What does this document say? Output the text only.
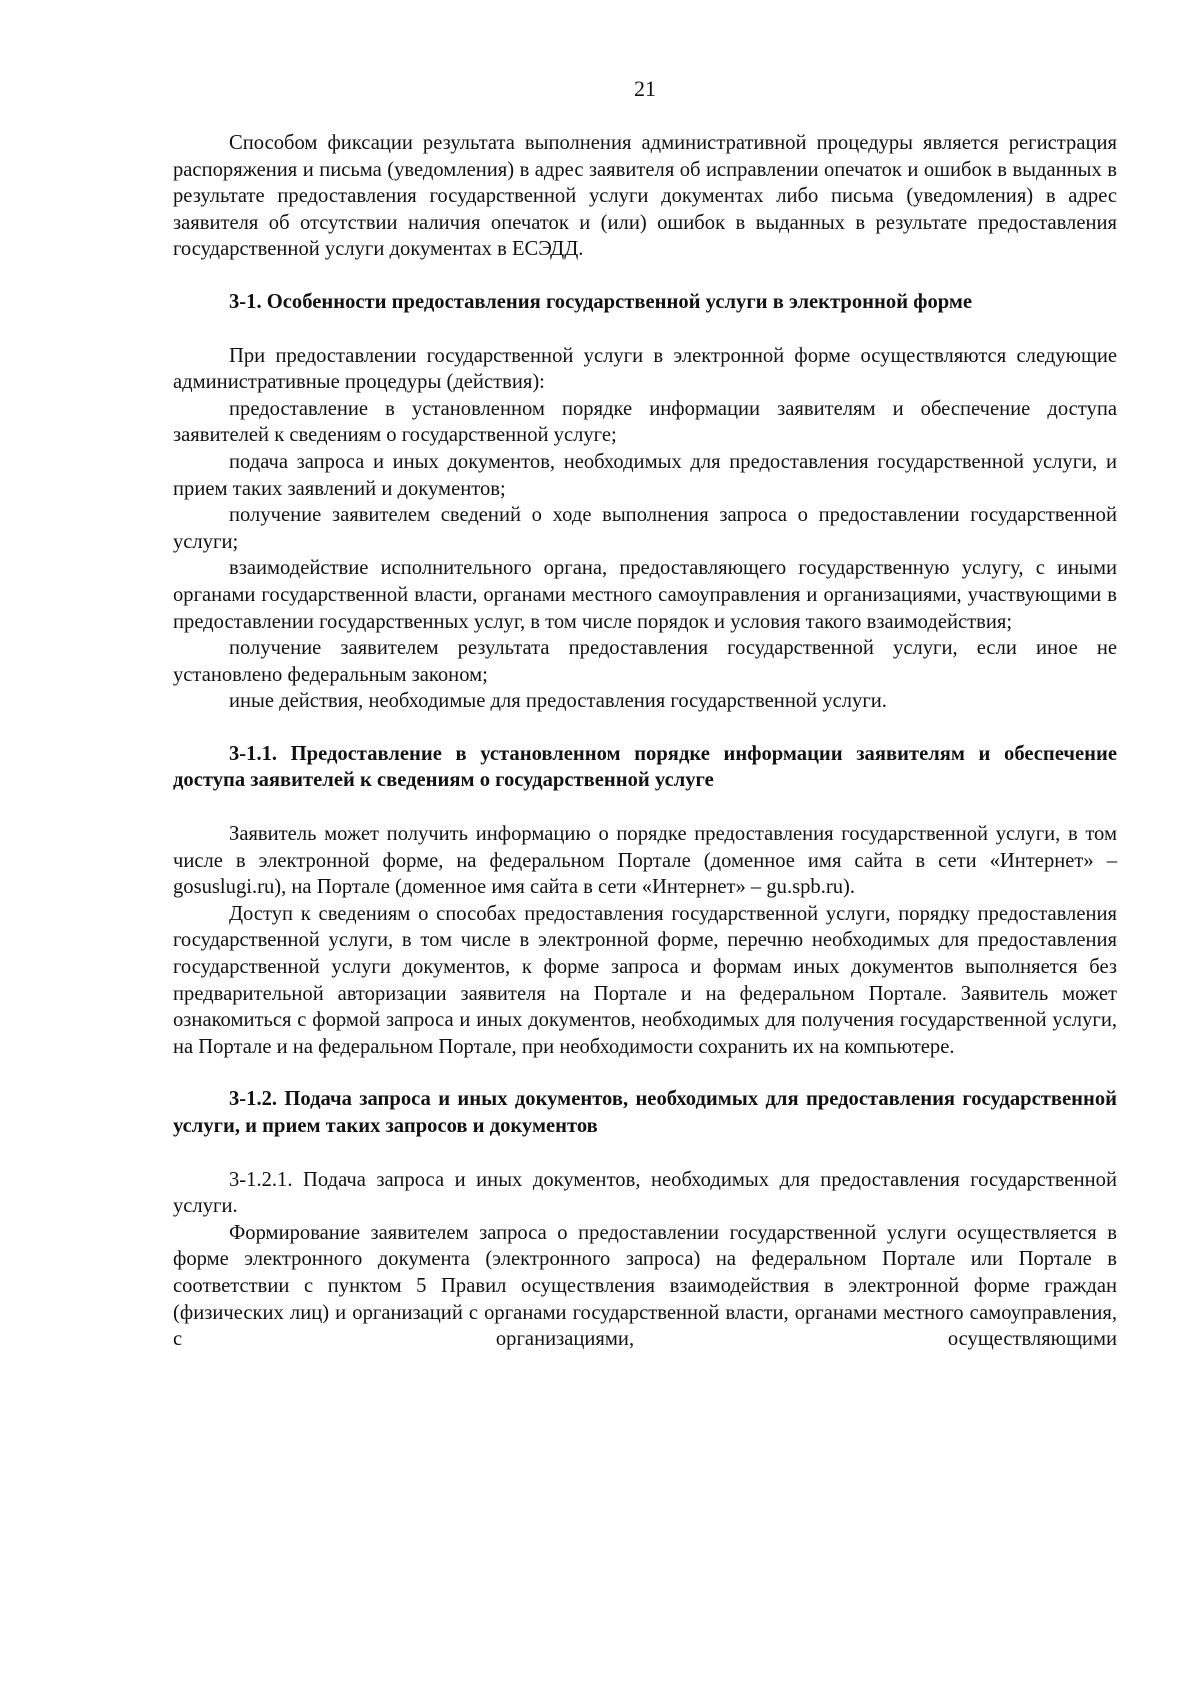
21

Способом фиксации результата выполнения административной процедуры является регистрация распоряжения и письма (уведомления) в адрес заявителя об исправлении опечаток и ошибок в выданных в результате предоставления государственной услуги документах либо письма (уведомления) в адрес заявителя об отсутствии наличия опечаток и (или) ошибок в выданных в результате предоставления государственной услуги документах в ЕСЭДД.

3-1. Особенности предоставления государственной услуги в электронной форме

При предоставлении государственной услуги в электронной форме осуществляются следующие административные процедуры (действия):

предоставление в установленном порядке информации заявителям и обеспечение доступа заявителей к сведениям о государственной услуге;

подача запроса и иных документов, необходимых для предоставления государственной услуги, и прием таких заявлений и документов;

получение заявителем сведений о ходе выполнения запроса о предоставлении государственной услуги;

взаимодействие исполнительного органа, предоставляющего государственную услугу, с иными органами государственной власти, органами местного самоуправления и организациями, участвующими в предоставлении государственных услуг, в том числе порядок и условия такого взаимодействия;

получение заявителем результата предоставления государственной услуги, если иное не установлено федеральным законом;

иные действия, необходимые для предоставления государственной услуги.

3-1.1. Предоставление в установленном порядке информации заявителям и обеспечение доступа заявителей к сведениям о государственной услуге

Заявитель может получить информацию о порядке предоставления государственной услуги, в том числе в электронной форме, на федеральном Портале (доменное имя сайта в сети «Интернет» – gosuslugi.ru), на Портале (доменное имя сайта в сети «Интернет» – gu.spb.ru).

Доступ к сведениям о способах предоставления государственной услуги, порядку предоставления государственной услуги, в том числе в электронной форме, перечню необходимых для предоставления государственной услуги документов, к форме запроса и формам иных документов выполняется без предварительной авторизации заявителя на Портале и на федеральном Портале. Заявитель может ознакомиться с формой запроса и иных документов, необходимых для получения государственной услуги, на Портале и на федеральном Портале, при необходимости сохранить их на компьютере.

3-1.2. Подача запроса и иных документов, необходимых для предоставления государственной услуги, и прием таких запросов и документов

3-1.2.1. Подача запроса и иных документов, необходимых для предоставления государственной услуги.

Формирование заявителем запроса о предоставлении государственной услуги осуществляется в форме электронного документа (электронного запроса) на федеральном Портале или Портале в соответствии с пунктом 5 Правил осуществления взаимодействия в электронной форме граждан (физических лиц) и организаций с органами государственной власти, органами местного самоуправления, с организациями, осуществляющими
